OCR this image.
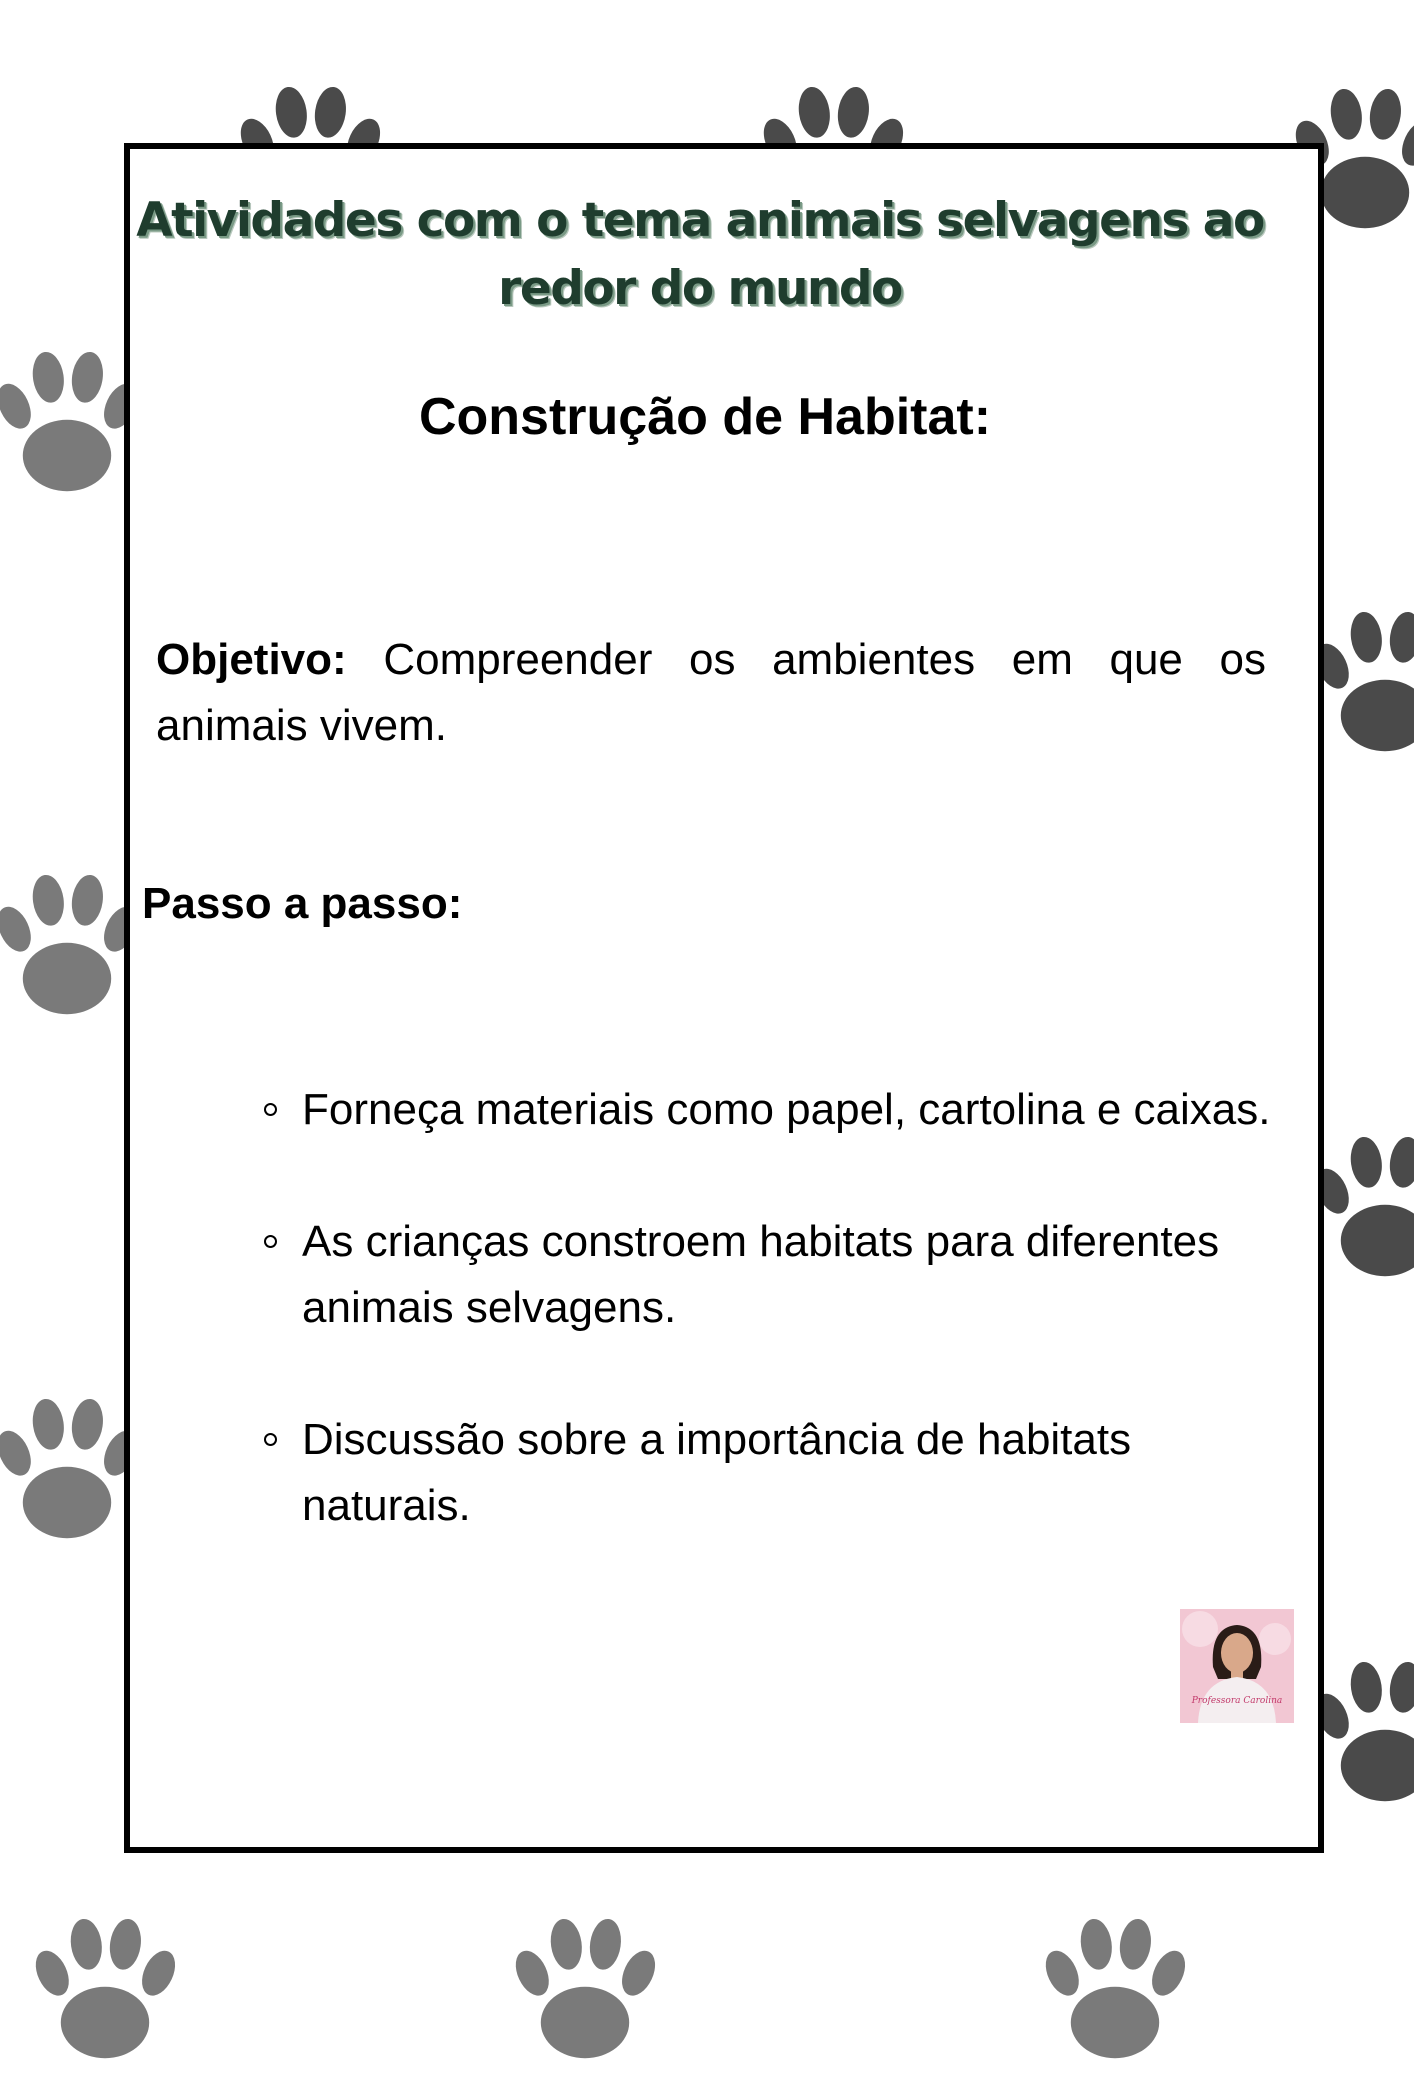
Atividades com o tema animais selvagens ao redor do mundo
Construção de Habitat:

Objetivo: Compreender os ambientes em que os animais vivem.

Passo a passo:
Forneça materiais como papel, cartolina e caixas.
As crianças constroem habitats para diferentes animais selvagens.
Discussão sobre a importância de habitats naturais.
Professora Carolina
